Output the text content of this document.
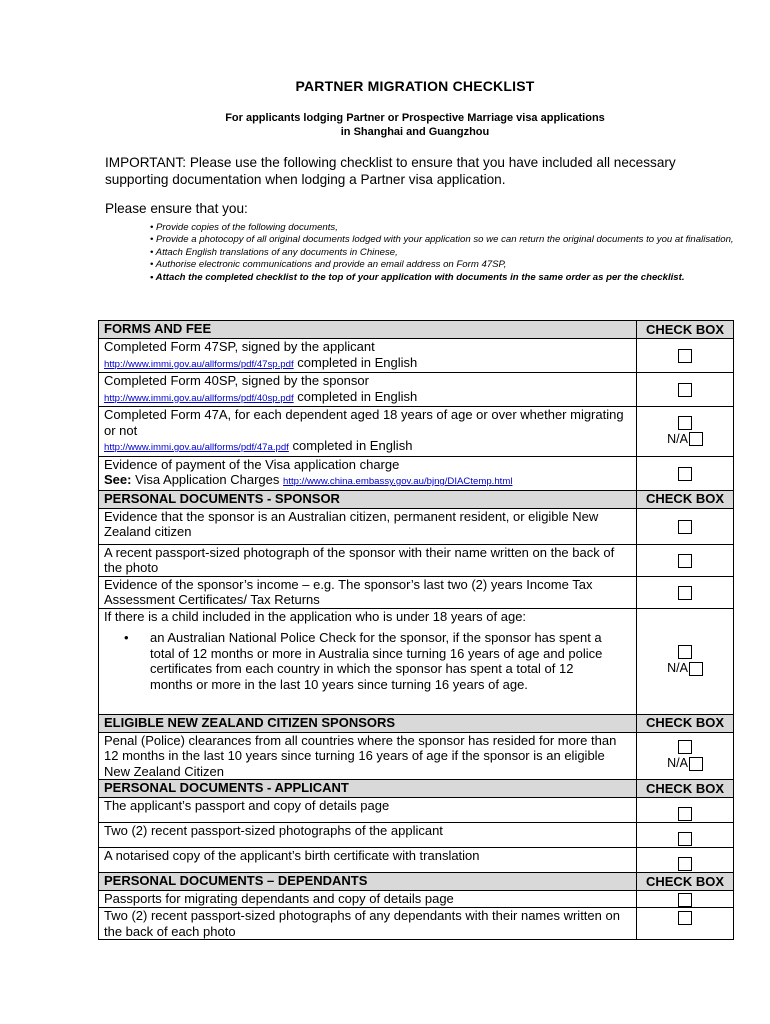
PARTNER MIGRATION CHECKLIST
For applicants lodging Partner or Prospective Marriage visa applications
in Shanghai and Guangzhou
IMPORTANT: Please use the following checklist to ensure that you have included all necessary supporting documentation when lodging a Partner visa application.
Please ensure that you:
• Provide copies of the following documents,
• Provide a photocopy of all original documents lodged with your application so we can return the original documents to you at finalisation,
• Attach English translations of any documents in Chinese,
• Authorise electronic communications and provide an email address on Form 47SP,
• Attach the completed checklist to the top of your application with documents in the same order as per the checklist.
FORMS AND FEE	CHECK BOX
Completed Form 47SP, signed by the applicant
http://www.immi.gov.au/allforms/pdf/47sp.pdf completed in English	
Completed Form 40SP, signed by the sponsor
http://www.immi.gov.au/allforms/pdf/40sp.pdf completed in English	
Completed Form 47A, for each dependent aged 18 years of age or over whether migrating or not
http://www.immi.gov.au/allforms/pdf/47a.pdf completed in English	N/A

Evidence of payment of the Visa application charge
See: Visa Application Charges http://www.china.embassy.gov.au/bjng/DIACtemp.html	
PERSONAL DOCUMENTS - SPONSOR	CHECK BOX
Evidence that the sponsor is an Australian citizen, permanent resident, or eligible New Zealand citizen	
A recent passport-sized photograph of the sponsor with their name written on the back of the photo	
Evidence of the sponsor’s income – e.g. The sponsor’s last two (2) years Income Tax Assessment Certificates/ Tax Returns	
If there is a child included in the application who is under 18 years of age:
• an Australian National Police Check for the sponsor, if the sponsor has spent a total of 12 months or more in Australia since turning 16 years of age and police certificates from each country in which the sponsor has spent a total of 12 months or more in the last 10 years since turning 16 years of age.	N/A

ELIGIBLE NEW ZEALAND CITIZEN SPONSORS	CHECK BOX
Penal (Police) clearances from all countries where the sponsor has resided for more than 12 months in the last 10 years since turning 16 years of age if the sponsor is an eligible New Zealand Citizen	N/A

PERSONAL DOCUMENTS - APPLICANT	CHECK BOX
The applicant’s passport and copy of details page	
Two (2) recent passport-sized photographs of the applicant	
A notarised copy of the applicant’s birth certificate with translation	
PERSONAL DOCUMENTS – DEPENDANTS	CHECK BOX
Passports for migrating dependants and copy of details page	
Two (2) recent passport-sized photographs of any dependants with their names written on the back of each photo	
